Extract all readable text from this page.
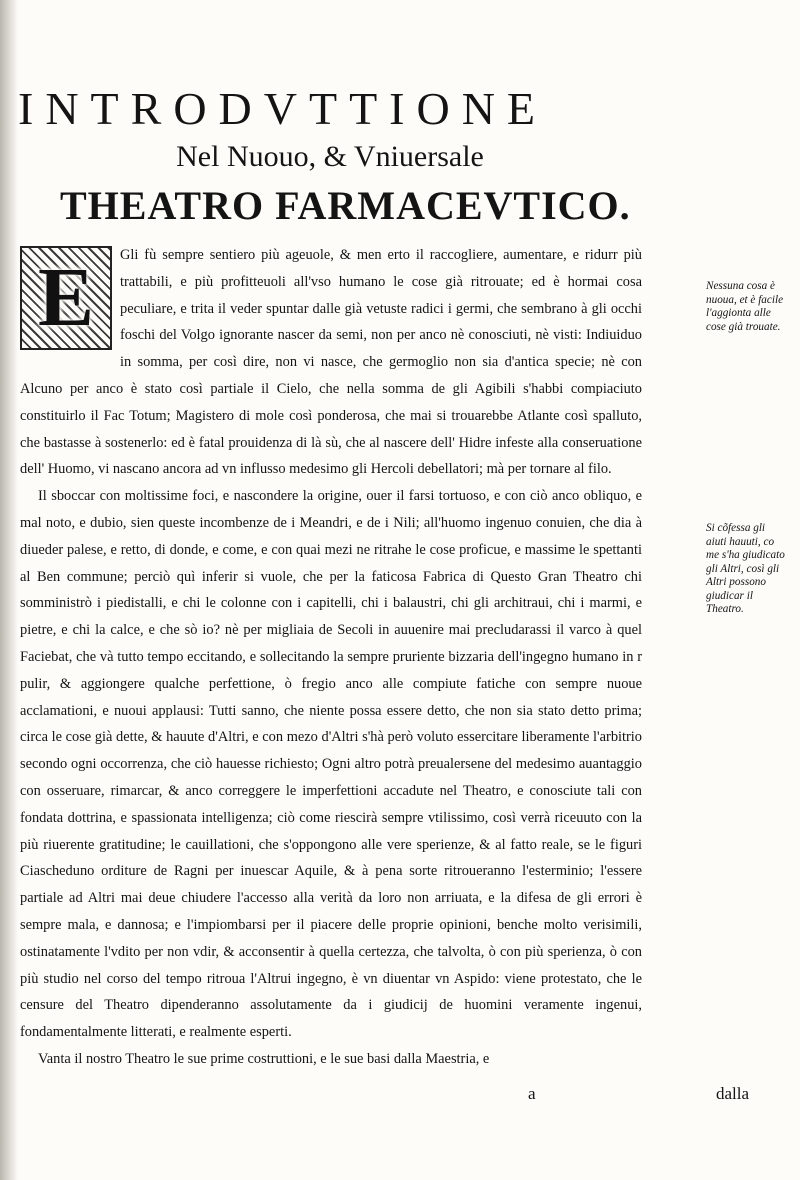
INTRODVTTIONE
Nel Nuouo, & Vniuersale
THEATRO FARMACEVTICO.

E	Gli fù sempre sentiero più ageuole, & men erto il raccogliere, aumentare, e ridurr più trattabili, e più profitteuoli all'vso humano le cose già ritrouate; ed è hormai cosa peculiare, e trita il veder spuntar dalle già vetuste radici i germi, che sembrano à gli occhi foschi del Volgo ignorante nascer da semi, non per anco nè conosciuti, nè visti: Indiuiduo in somma, per così dire, non vi nasce, che germoglio non sia d'antica specie; nè con Alcuno per anco è stato così partiale il Cielo, che nella somma de gli Agibili s'habbi compiaciuto constituirlo il Fac Totum; Magistero di mole così ponderosa, che mai si trouarebbe Atlante così spalluto, che bastasse à sostenerlo: ed è fatal prouidenza di là sù, che al nascere dell' Hidre infeste alla conseruatione dell' Huomo, vi nascano ancora ad vn influsso medesimo gli Hercoli debellatori; mà per tornare al filo.

Il sboccar con moltissime foci, e nascondere la origine, ouer il farsi tortuoso, e con ciò anco obliquo, e mal noto, e dubio, sien queste incombenze de i Meandri, e de i Nili; all'huomo ingenuo conuien, che dia à diueder palese, e retto, di donde, e come, e con quai mezi ne ritrahe le cose proficue, e massime le spettanti al Ben commune; perciò quì inferir si vuole, che per la faticosa Fabrica di Questo Gran Theatro chi somministrò i piedistalli, e chi le colonne con i capitelli, chi i balaustri, chi gli architraui, chi i marmi, e pietre, e chi la calce, e che sò io? nè per migliaia de Secoli in auuenire mai precludarassi il varco à quel Faciebat, che và tutto tempo eccitando, e sollecitando la sempre pruriente bizzaria dell'ingegno humano in r pulir, & aggiongere qualche perfettione, ò fregio anco alle compiute fatiche con sempre nuoue acclamationi, e nuoui applausi: Tutti sanno, che niente possa essere detto, che non sia stato detto prima; circa le cose già dette, & hauute d'Altri, e con mezo d'Altri s'hà però voluto essercitare liberamente l'arbitrio secondo ogni occorrenza, che ciò hauesse richiesto; Ogni altro potrà preualersene del medesimo auantaggio con osseruare, rimarcar, & anco correggere le imperfettioni accadute nel Theatro, e conosciute tali con fondata dottrina, e spassionata intelligenza; ciò come riescirà sempre vtilissimo, così verrà riceuuto con la più riuerente gratitudine; le cauillationi, che s'oppongono alle vere sperienze, & al fatto reale, se le figuri Ciascheduno orditure de Ragni per inuescar Aquile, & à pena sorte ritroueranno l'esterminio; l'essere partiale ad Altri mai deue chiudere l'accesso alla verità da loro non arriuata, e la difesa de gli errori è sempre mala, e dannosa; e l'impiombarsi per il piacere delle proprie opinioni, benche molto verisimili, ostinatamente l'vdito per non vdir, & acconsentir à quella certezza, che talvolta, ò con più sperienza, ò con più studio nel corso del tempo ritroua l'Altrui ingegno, è vn diuentar vn Aspido: viene protestato, che le censure del Theatro dipenderanno assolutamente da i giudicij de huomini veramente ingenui, fondamentalmente litterati, e realmente esperti.

Vanta il nostro Theatro le sue prime costruttioni, e le sue basi dalla Maestria, e

Nessuna cosa è nuoua, et è facile l'aggionta alle cose già trouate.
Si cõfessa gli aiuti hauuti, co me s'ha giudicato gli Altri, così gli Altri possono giudicar il Theatro.
a	dalla
